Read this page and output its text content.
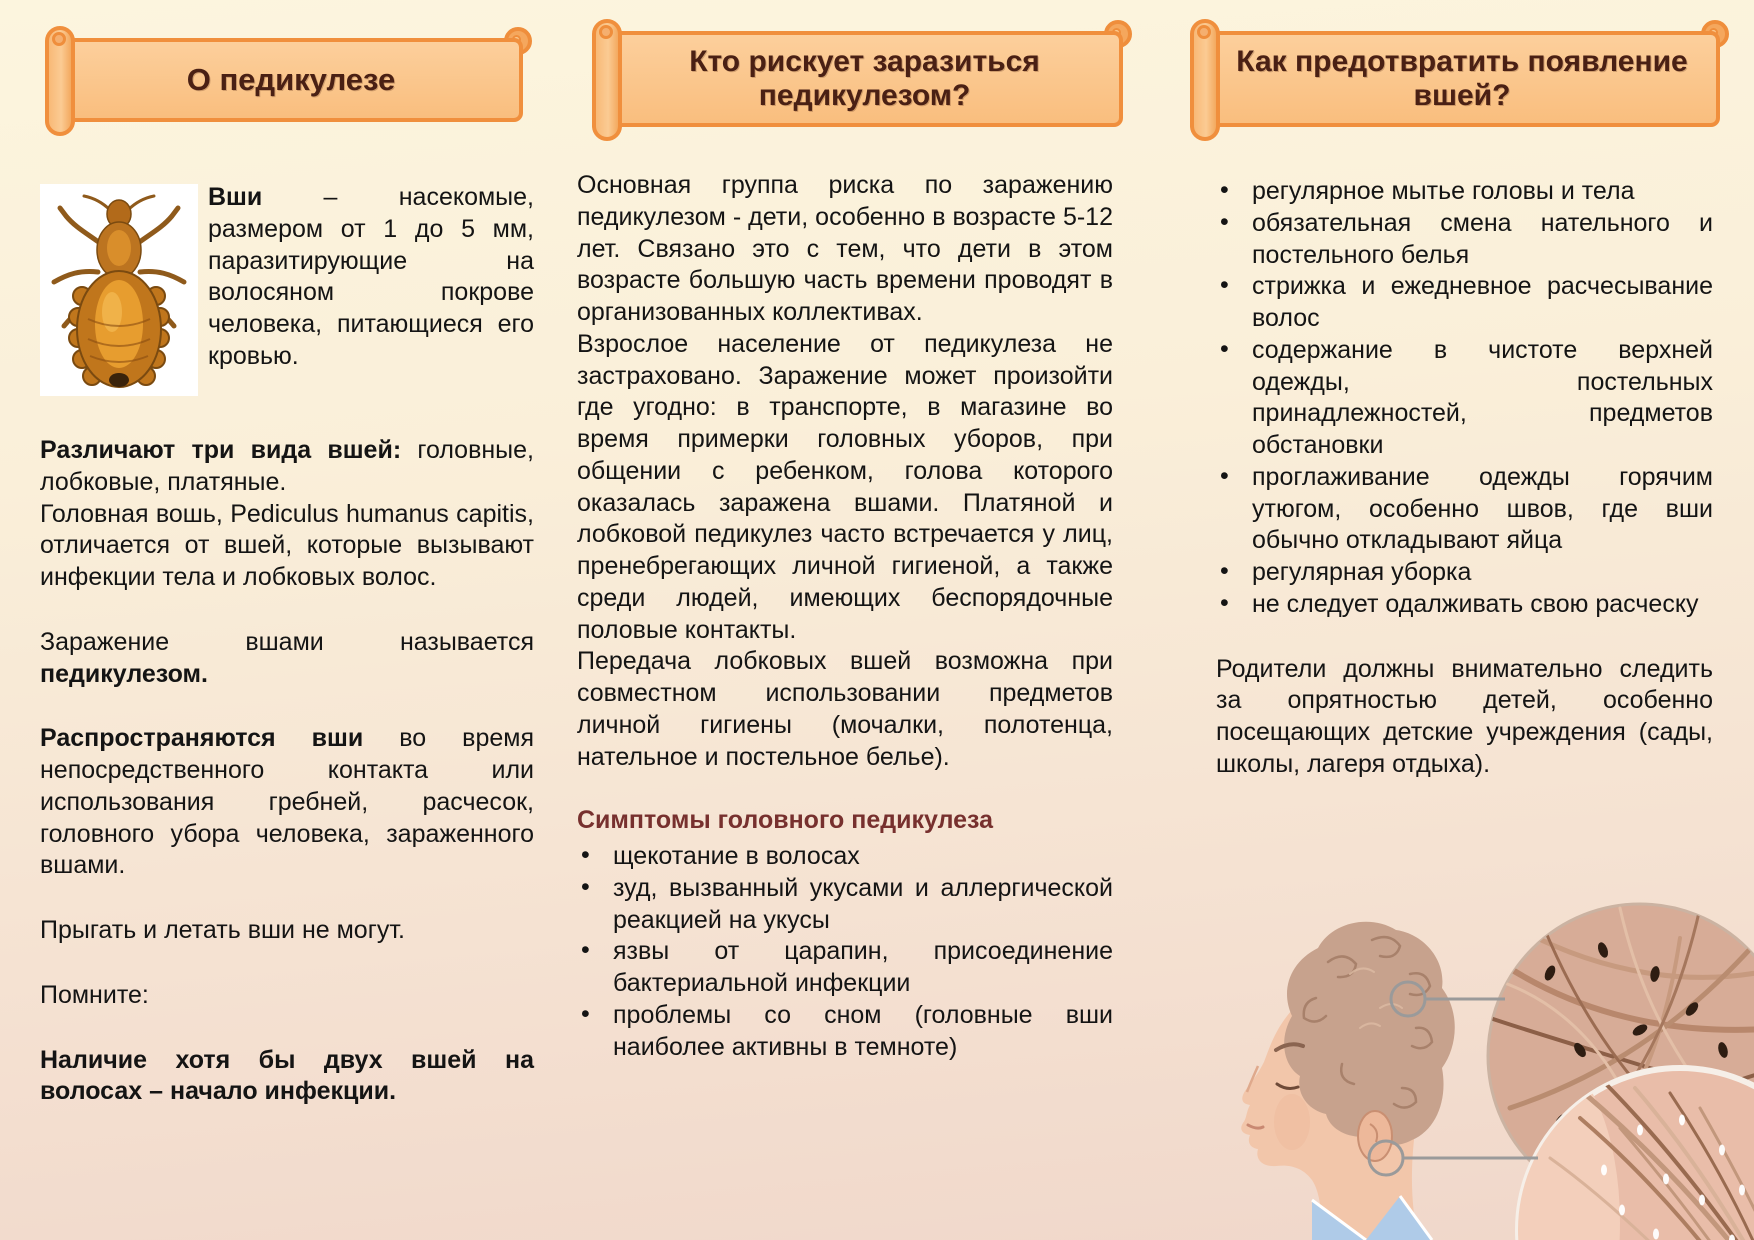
О педикулезе
Кто рискует заразиться педикулезом?
Как предотвратить появление вшей?

Вши – насекомые, размером от 1 до 5 мм, паразитирующие на волосяном покрове человека, питающиеся его кровью.

Различают три вида вшей: головные, лобковые, платяные.

Головная вошь, Pediculus humanus capitis, отличается от вшей, которые вызывают инфекции тела и лобковых волос.

Заражение вшами называется педикулезом.

Распространяются вши во время непосредственного контакта или использования гребней, расчесок, головного убора человека, зараженного вшами.

Прыгать и летать вши не могут.

Помните:

Наличие хотя бы двух вшей на волосах – начало инфекции.

Основная группа риска по заражению педикулезом - дети, особенно в возрасте 5-12 лет. Связано это с тем, что дети в этом возрасте большую часть времени проводят в организованных коллективах.

Взрослое население от педикулеза не застраховано. Заражение может произойти где угодно: в транспорте, в магазине во время примерки головных уборов, при общении с ребенком, голова которого оказалась заражена вшами. Платяной и лобковой педикулез часто встречается у лиц, пренебрегающих личной гигиеной, а также среди людей, имеющих беспорядочные половые контакты.

Передача лобковых вшей возможна при совместном использовании предметов личной гигиены (мочалки, полотенца, нательное и постельное белье).

Симптомы головного педикулеза

• щекотание в волосах
• зуд, вызванный укусами и аллергической реакцией на укусы
• язвы от царапин, присоединение бактериальной инфекции
• проблемы со сном (головные вши наиболее активны в темноте)
• регулярное мытье головы и тела
• обязательная смена нательного и постельного белья
• стрижка и ежедневное расчесывание волос
• содержание в чистоте верхней одежды, постельных принадлежностей, предметов обстановки
• проглаживание одежды горячим утюгом, особенно швов, где вши обычно откладывают яйца
• регулярная уборка
• не следует одалживать свою расческу

Родители должны внимательно следить за опрятностью детей, особенно посещающих детские учреждения (сады, школы, лагеря отдыха).
